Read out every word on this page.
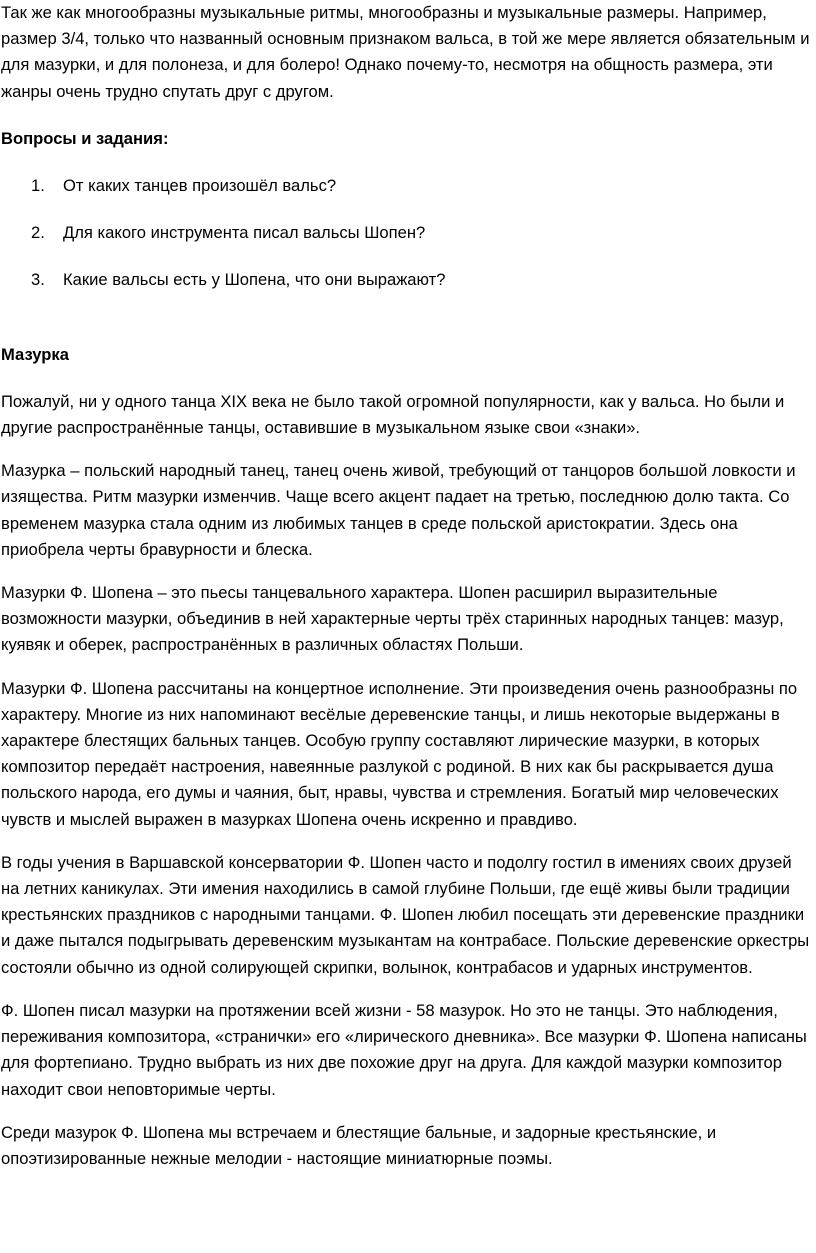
Так же как многообразны музыкальные ритмы, многообразны и музыкальные размеры. Например, размер 3/4, только что названный основным признаком вальса, в той же мере является обязательным и для мазурки, и для полонеза, и для болеро! Однако почему-то, несмотря на общность размера, эти жанры очень трудно спутать друг с другом.

Вопросы и задания:

1.	От каких танцев произошёл вальс?
2.	Для какого инструмента писал вальсы Шопен?
3.	Какие вальсы есть у Шопена, что они выражают?

Мазурка

Пожалуй, ни у одного танца XIX века не было такой огромной популярности, как у вальса. Но были и другие распространённые танцы, оставившие в музыкальном языке свои «знаки».

Мазурка – польский народный танец, танец очень живой, требующий от танцоров большой ловкости и изящества. Ритм мазурки изменчив. Чаще всего акцент падает на третью, последнюю долю такта. Со временем мазурка стала одним из любимых танцев в среде польской аристократии. Здесь она приобрела черты бравурности и блеска.

Мазурки Ф. Шопена – это пьесы танцевального характера. Шопен расширил выразительные возможности мазурки, объединив в ней характерные черты трёх старинных народных танцев: мазур, куявяк и оберек, распространённых в различных областях Польши.

Мазурки Ф. Шопена рассчитаны на концертное исполнение. Эти произведения очень разнообразны по характеру. Многие из них напоминают весёлые деревенские танцы, и лишь некоторые выдержаны в характере блестящих бальных танцев. Особую группу составляют лирические мазурки, в которых композитор передаёт настроения, навеянные разлукой с родиной. В них как бы раскрывается душа польского народа, его думы и чаяния, быт, нравы, чувства и стремления. Богатый мир человеческих чувств и мыслей выражен в мазурках Шопена очень искренно и правдиво.

В годы учения в Варшавской консерватории Ф. Шопен часто и подолгу гостил в имениях своих друзей на летних каникулах. Эти имения находились в самой глубине Польши, где ещё живы были традиции крестьянских праздников с народными танцами. Ф. Шопен любил посещать эти деревенские праздники и даже пытался подыгрывать деревенским музыкантам на контрабасе. Польские деревенские оркестры состояли обычно из одной солирующей скрипки, волынок, контрабасов и ударных инструментов.

Ф. Шопен писал мазурки на протяжении всей жизни - 58 мазурок. Но это не танцы. Это наблюдения, переживания композитора, «странички» его «лирического дневника». Все мазурки Ф. Шопена написаны для фортепиано. Трудно выбрать из них две похожие друг на друга. Для каждой мазурки композитор находит свои неповторимые черты.

Среди мазурок Ф. Шопена мы встречаем и блестящие бальные, и задорные крестьянские, и опоэтизированные нежные мелодии - настоящие миниатюрные поэмы.
